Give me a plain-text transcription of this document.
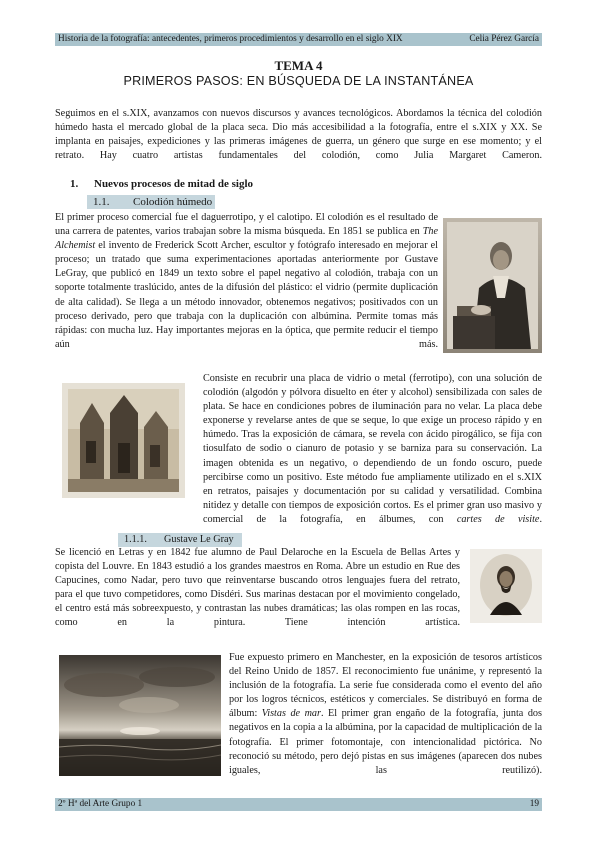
Historia de la fotografía: antecedentes, primeros procedimientos y desarrollo en el siglo XIX	Celia Pérez García
TEMA 4
PRIMEROS PASOS: EN BÚSQUEDA DE LA INSTANTÁNEA

Seguimos en el s.XIX, avanzamos con nuevos discursos y avances tecnológicos. Abordamos la técnica del colodión húmedo hasta el mercado global de la placa seca. Dio más accesibilidad a la fotografía, entre el s.XIX y XX. Se implanta en paisajes, expediciones y las primeras imágenes de guerra, un género que surge en ese momento; y el retrato. Hay cuatro artistas fundamentales del colodión, como Julia Margaret Cameron.

1. Nuevos procesos de mitad de siglo
1.1. Colodión húmedo

El primer proceso comercial fue el daguerrotipo, y el calotipo. El colodión es el resultado de una carrera de patentes, varios trabajan sobre la misma búsqueda. En 1851 se publica en The Alchemist el invento de Frederick Scott Archer, escultor y fotógrafo interesado en mejorar el proceso; un tratado que suma experimentaciones aportadas anteriormente por Gustave LeGray, que publicó en 1849 un texto sobre el papel negativo al colodión, trabaja con un soporte totalmente traslúcido, antes de la difusión del plástico: el vidrio (permite duplicación de alta calidad). Se llega a un método innovador, obtenemos negativos; positivados con un proceso derivado, pero que trabaja con la duplicación con albúmina. Permite tomas más rápidas: con mucha luz. Hay importantes mejoras en la óptica, que permite reducir el tiempo aún más.

Consiste en recubrir una placa de vidrio o metal (ferrotipo), con una solución de colodión (algodón y pólvora disuelto en éter y alcohol) sensibilizada con sales de plata. Se hace en condiciones pobres de iluminación para no velar. La placa debe exponerse y revelarse antes de que se seque, lo que exige un proceso rápido y en húmedo. Tras la exposición de cámara, se revela con ácido pirogálico, se fija con tiosulfato de sodio o cianuro de potasio y se barniza para su conservación. La imagen obtenida es un negativo, o dependiendo de un fondo oscuro, puede percibirse como un positivo. Este método fue ampliamente utilizado en el s.XIX en retratos, paisajes y documentación por su calidad y versatilidad. Combina nitidez y detalle con tiempos de exposición cortos. Es el primer gran uso masivo y comercial de la fotografía, en álbumes, con cartes de visite.

1.1.1. Gustave Le Gray

Se licenció en Letras y en 1842 fue alumno de Paul Delaroche en la Escuela de Bellas Artes y copista del Louvre. En 1843 estudió a los grandes maestros en Roma. Abre un estudio en Rue des Capucines, como Nadar, pero tuvo que reinventarse buscando otros lenguajes fuera del retrato, para el que tuvo competidores, como Disdéri. Sus marinas destacan por el movimiento congelado, el centro está más sobreexpuesto, y contrastan las nubes dramáticas; las olas rompen en las rocas, como en la pintura. Tiene intención artística.

Fue expuesto primero en Manchester, en la exposición de tesoros artísticos del Reino Unido de 1857. El reconocimiento fue unánime, y representó la inclusión de la fotografía. La serie fue considerada como el evento del año por los logros técnicos, estéticos y comerciales. Se distribuyó en forma de álbum: Vistas de mar. El primer gran engaño de la fotografía, junta dos negativos en la copia a la albúmina, por la capacidad de multiplicación de la fotografía. El primer fotomontaje, con intencionalidad pictórica. No reconoció su método, pero dejó pistas en sus imágenes (aparecen dos nubes iguales, las reutilizó).

2º Hª del Arte Grupo 1	19
